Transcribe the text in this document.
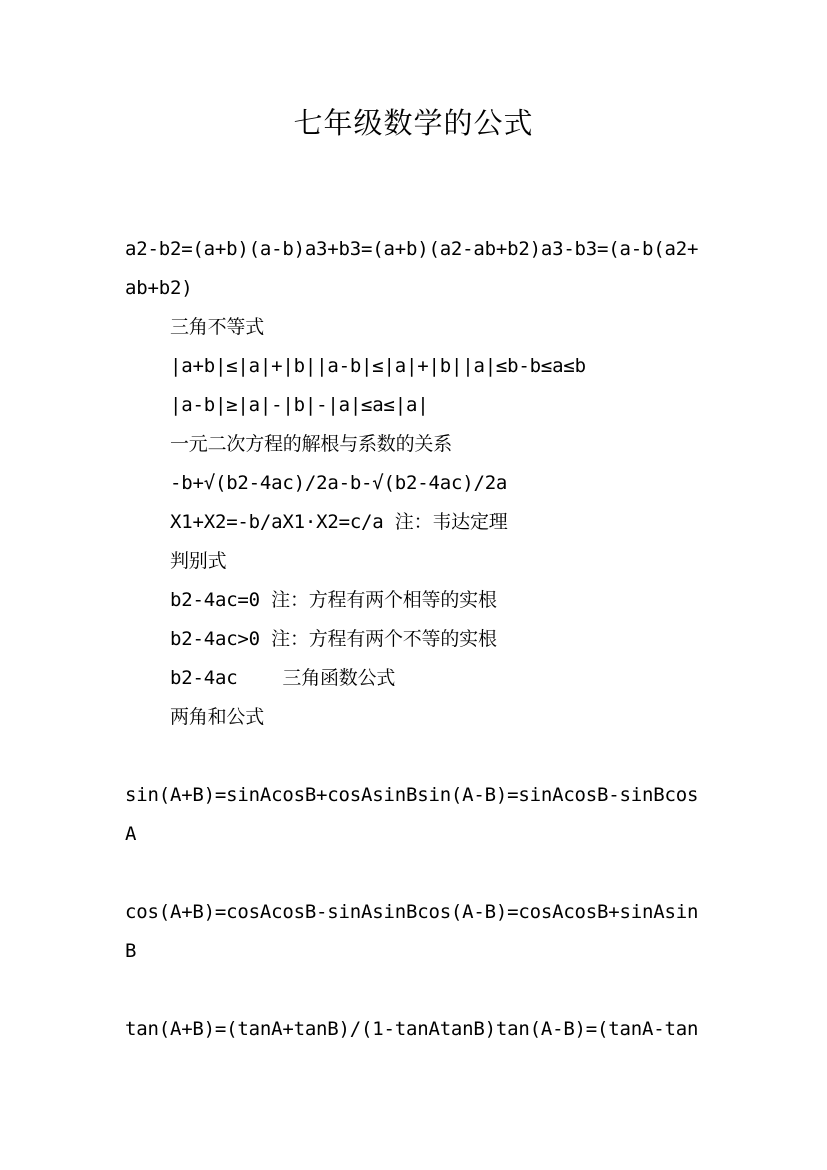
七年级数学的公式

a2-b2=(a+b)(a-b)a3+b3=(a+b)(a2-ab+b2)a3-b3=(a-b(a2+

ab+b2)

三角不等式

|a+b|≤|a|+|b||a-b|≤|a|+|b||a|≤b-b≤a≤b

|a-b|≥|a|-|b|-|a|≤a≤|a|

一元二次方程的解根与系数的关系

-b+√(b2-4ac)/2a-b-√(b2-4ac)/2a

X1+X2=-b/aX1·X2=c/a 注：韦达定理

判别式

b2-4ac=0 注：方程有两个相等的实根

b2-4ac>0 注：方程有两个不等的实根

b2-4ac    三角函数公式

两角和公式

sin(A+B)=sinAcosB+cosAsinBsin(A-B)=sinAcosB-sinBcos

A

cos(A+B)=cosAcosB-sinAsinBcos(A-B)=cosAcosB+sinAsin

B

tan(A+B)=(tanA+tanB)/(1-tanAtanB)tan(A-B)=(tanA-tan
